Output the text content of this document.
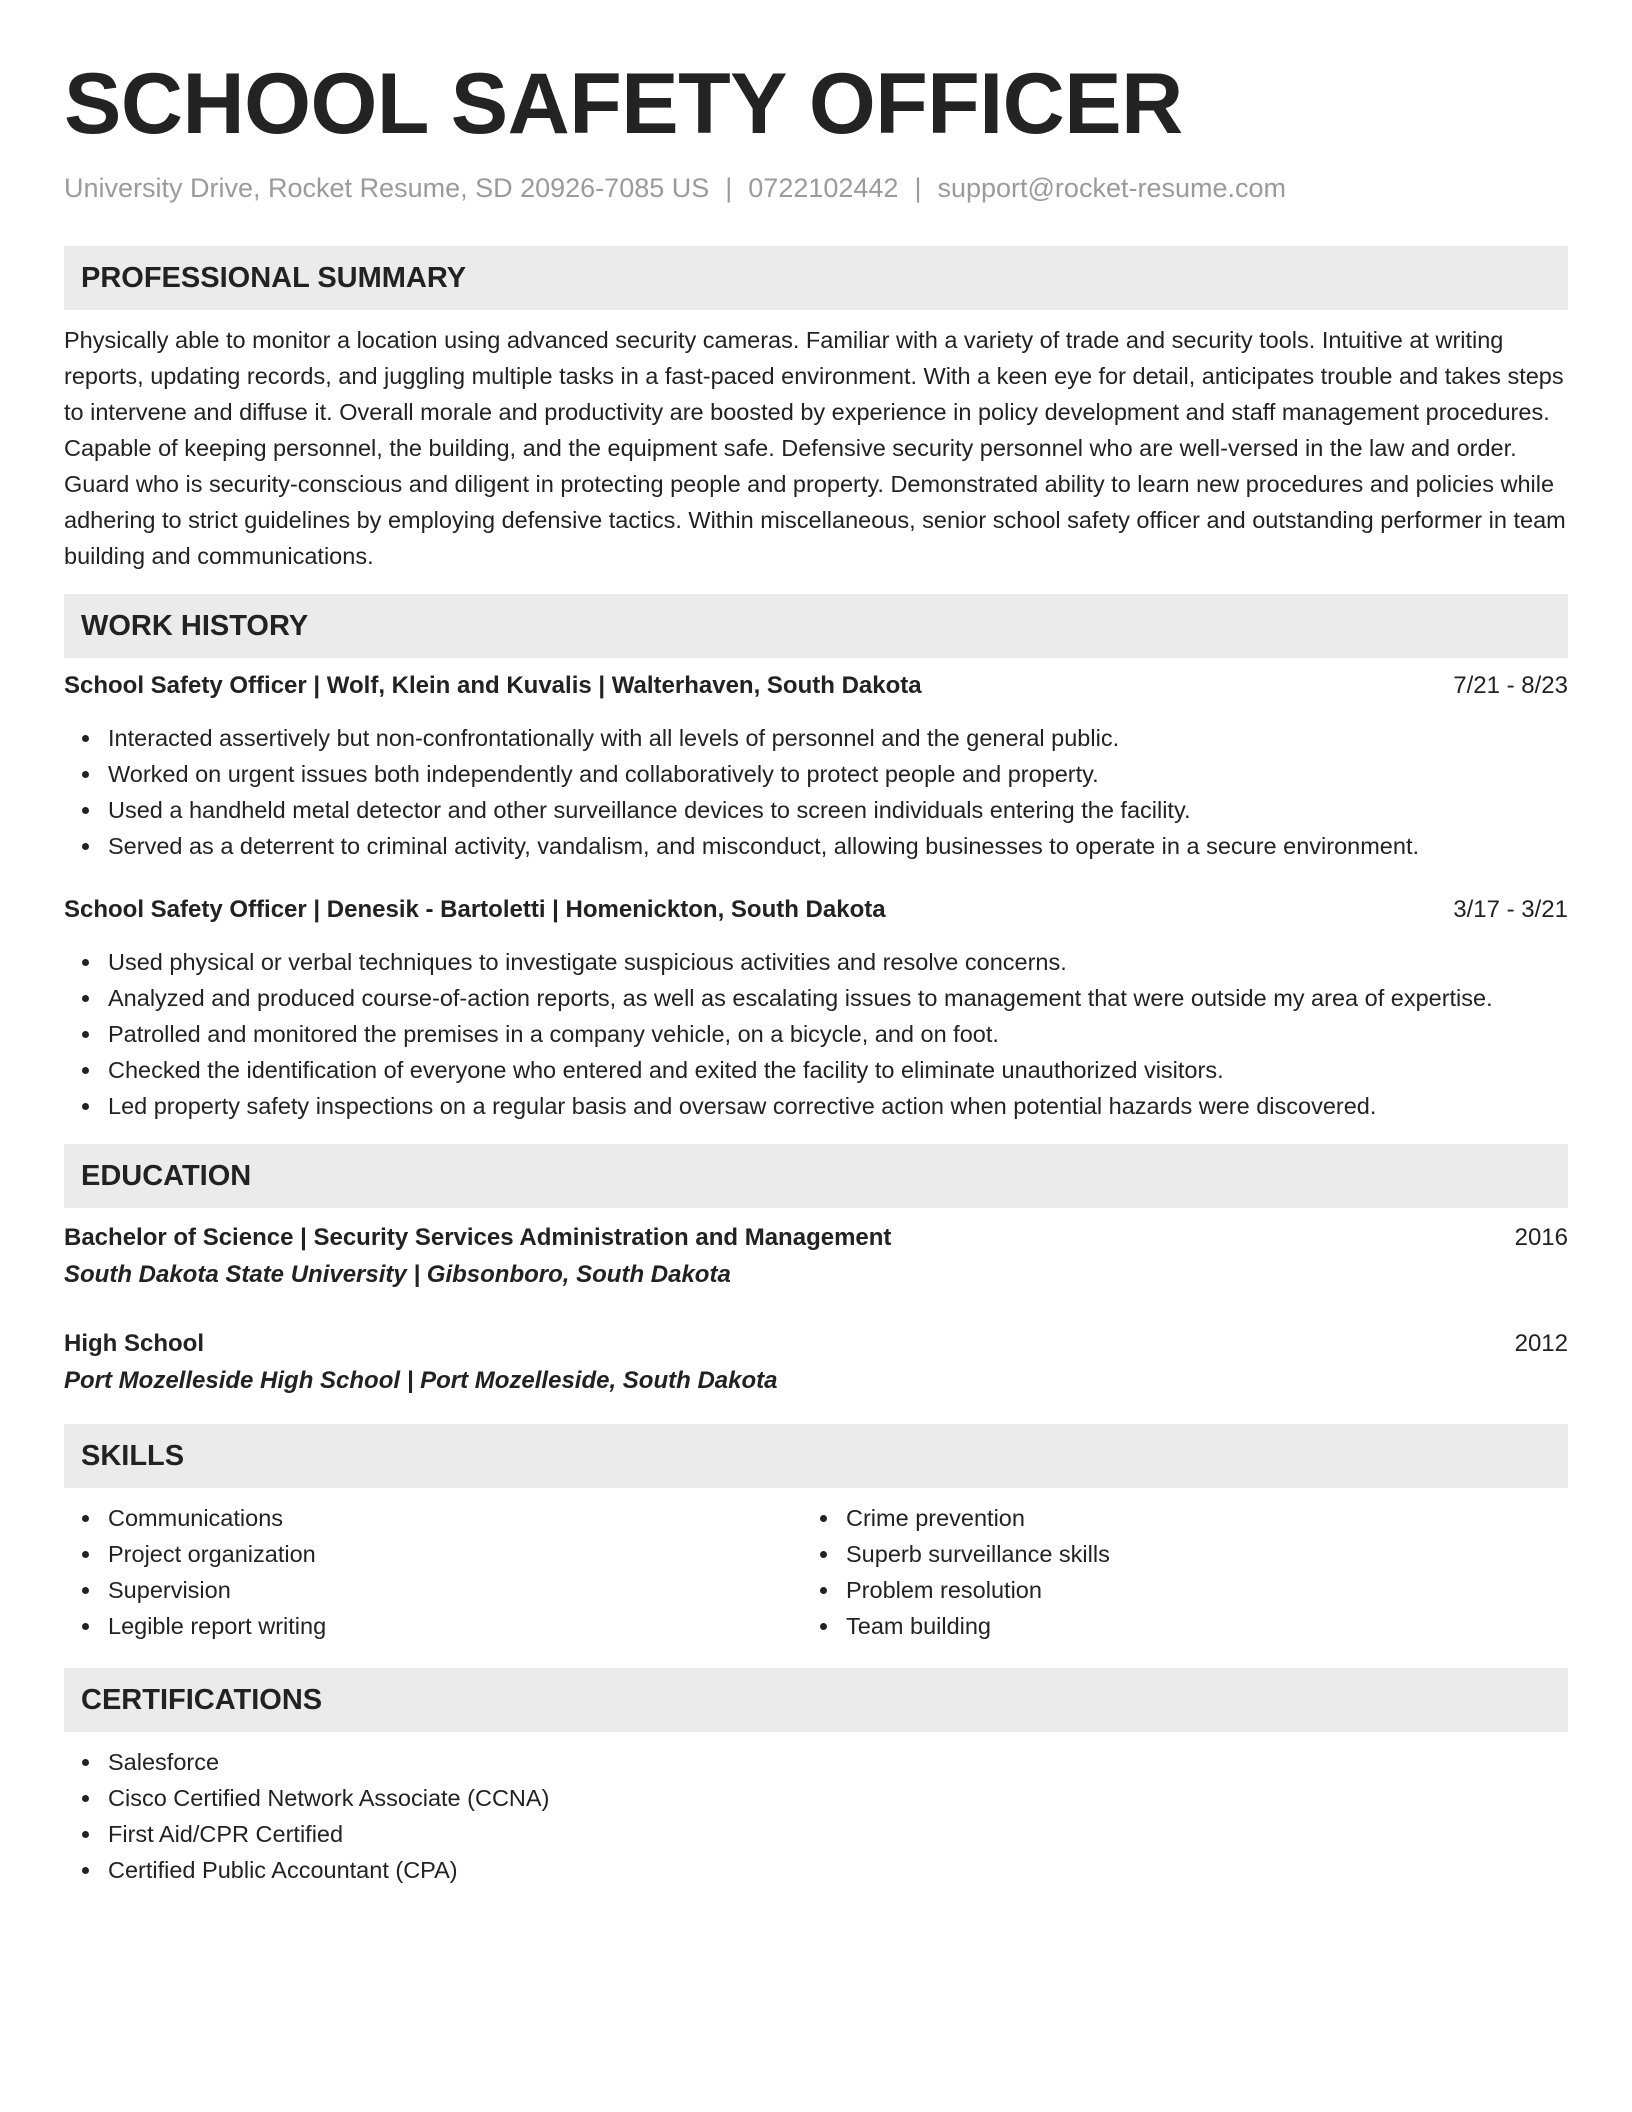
SCHOOL SAFETY OFFICER
University Drive, Rocket Resume, SD 20926-7085 US | 0722102442 | support@rocket-resume.com
PROFESSIONAL SUMMARY
Physically able to monitor a location using advanced security cameras. Familiar with a variety of trade and security tools. Intuitive at writing reports, updating records, and juggling multiple tasks in a fast-paced environment. With a keen eye for detail, anticipates trouble and takes steps to intervene and diffuse it. Overall morale and productivity are boosted by experience in policy development and staff management procedures. Capable of keeping personnel, the building, and the equipment safe. Defensive security personnel who are well-versed in the law and order. Guard who is security-conscious and diligent in protecting people and property. Demonstrated ability to learn new procedures and policies while adhering to strict guidelines by employing defensive tactics. Within miscellaneous, senior school safety officer and outstanding performer in team building and communications.
WORK HISTORY
School Safety Officer | Wolf, Klein and Kuvalis | Walterhaven, South Dakota	7/21 - 8/23
Interacted assertively but non-confrontationally with all levels of personnel and the general public.
Worked on urgent issues both independently and collaboratively to protect people and property.
Used a handheld metal detector and other surveillance devices to screen individuals entering the facility.
Served as a deterrent to criminal activity, vandalism, and misconduct, allowing businesses to operate in a secure environment.
School Safety Officer | Denesik - Bartoletti | Homenickton, South Dakota	3/17 - 3/21
Used physical or verbal techniques to investigate suspicious activities and resolve concerns.
Analyzed and produced course-of-action reports, as well as escalating issues to management that were outside my area of expertise.
Patrolled and monitored the premises in a company vehicle, on a bicycle, and on foot.
Checked the identification of everyone who entered and exited the facility to eliminate unauthorized visitors.
Led property safety inspections on a regular basis and oversaw corrective action when potential hazards were discovered.
EDUCATION
Bachelor of Science | Security Services Administration and Management	2016
South Dakota State University | Gibsonboro, South Dakota
High School	2012
Port Mozelleside High School | Port Mozelleside, South Dakota
SKILLS
Communications
Project organization
Supervision
Legible report writing
Crime prevention
Superb surveillance skills
Problem resolution
Team building
CERTIFICATIONS
Salesforce
Cisco Certified Network Associate (CCNA)
First Aid/CPR Certified
Certified Public Accountant (CPA)
